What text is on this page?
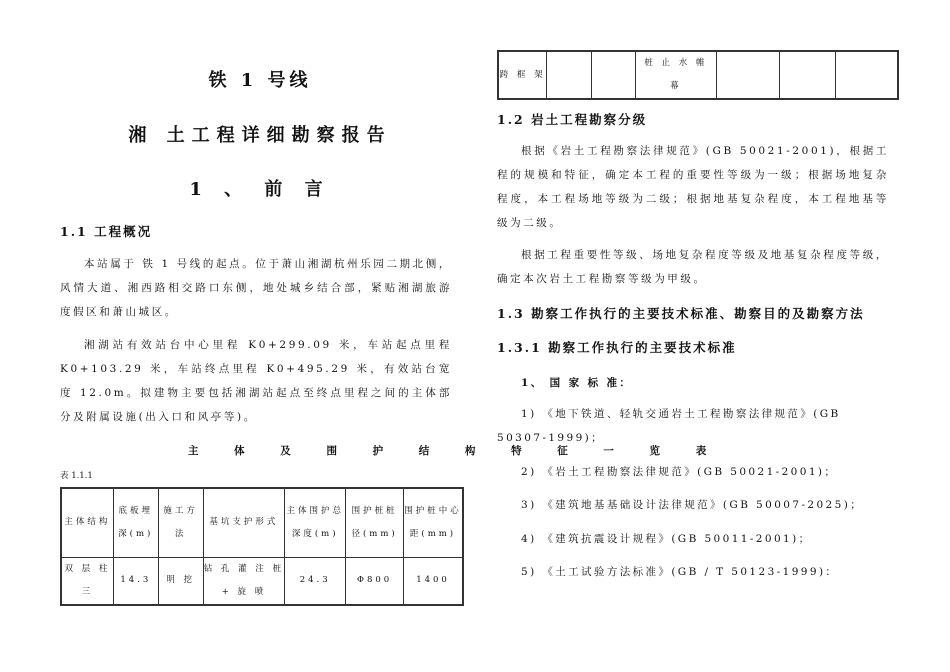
铁 1 号线
湘 土工程详细勘察报告
1 、 前 言
1.1 工程概况
本站属于 铁 1 号线的起点。位于萧山湘湖杭州乐园二期北侧，风情大道、湘西路相交路口东侧，地处城乡结合部，紧贴湘湖旅游度假区和萧山城区。
湘湖站有效站台中心里程 K0+299.09 米，车站起点里程 K0+103.29 米，车站终点里程 K0+495.29 米，有效站台宽度 12.0m。拟建物主要包括湘湖站起点至终点里程之间的主体部分及附属设施(出入口和风亭等)。
主 体 及 围 护 结 构 特 征 一 览 表
表 1.1.1
主体结构	底板埋深(m)	施工方法	基坑支护形式	主体围护总深度(m)	围护桩桩径(mm)	围护桩中心距(mm)
双 层 柱 三	14.3	明 挖	钻 孔 灌 注 桩 + 旋 喷	24.3	Φ800	1400
跨 框 架			桩 止 水 帷 幕			
1.2 岩土工程勘察分级
根据《岩土工程勘察法律规范》(GB 50021-2001)，根据工程的规模和特征，确定本工程的重要性等级为一级；根据场地复杂程度，本工程场地等级为二级；根据地基复杂程度，本工程地基等级为二级。
根据工程重要性等级、场地复杂程度等级及地基复杂程度等级，确定本次岩土工程勘察等级为甲级。
1.3 勘察工作执行的主要技术标准、勘察目的及勘察方法
1.3.1 勘察工作执行的主要技术标准
1、 国 家 标 准：
1) 《地下铁道、轻轨交通岩土工程勘察法律规范》(GB
50307-1999)；
2) 《岩土工程勘察法律规范》(GB 50021-2001)；
3) 《建筑地基基础设计法律规范》(GB 50007-2025)；
4) 《建筑抗震设计规程》(GB 50011-2001)；
5) 《土工试验方法标准》(GB / T 50123-1999)：
